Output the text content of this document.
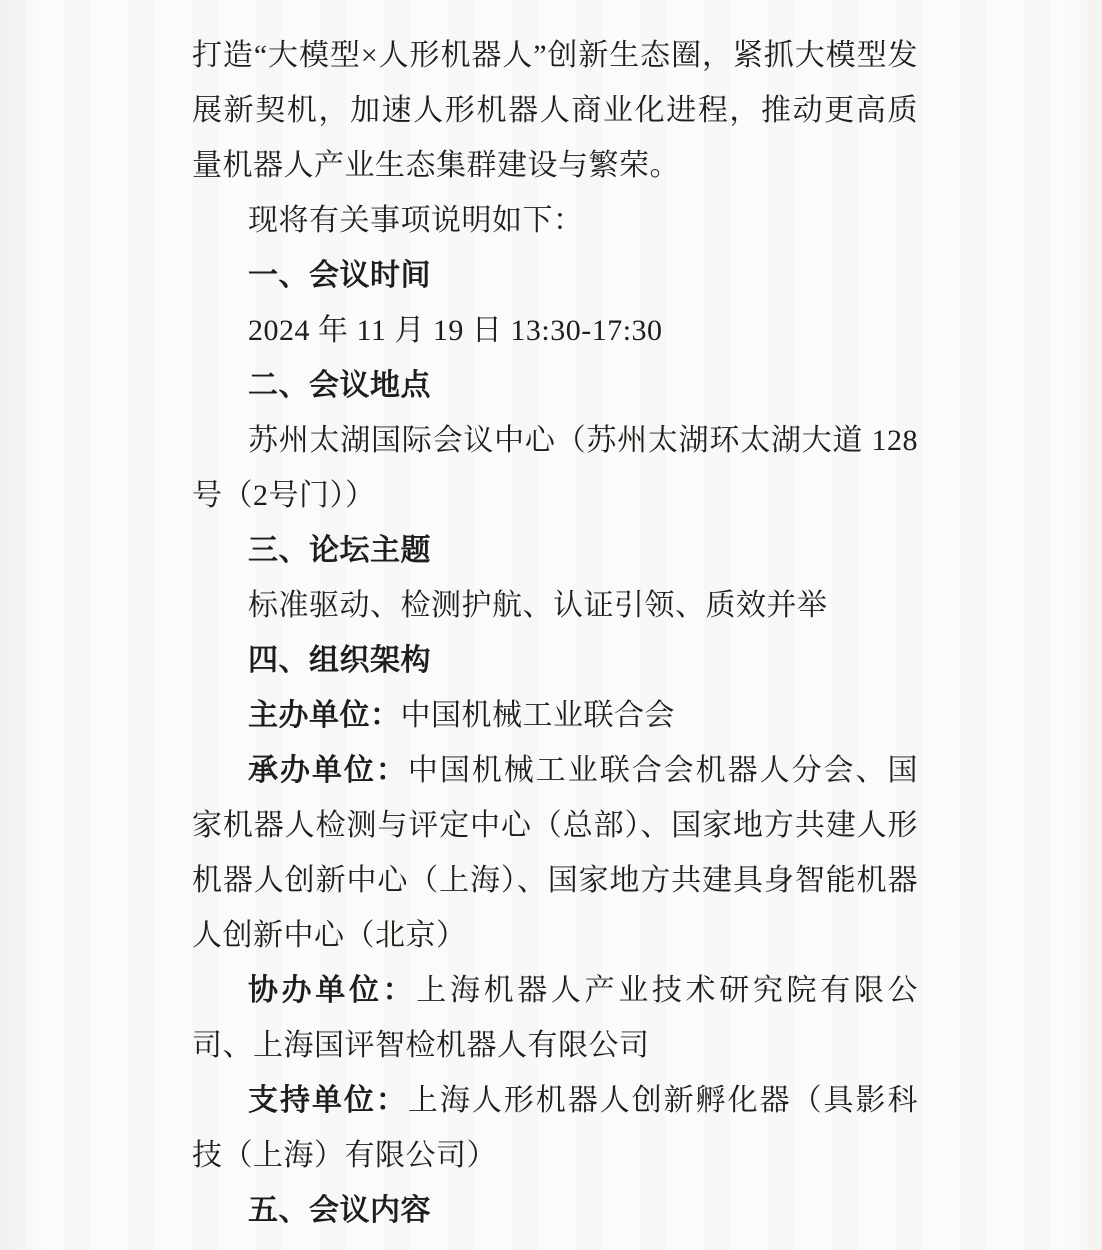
打造“大模型×人形机器人”创新生态圈，紧抓大模型发展新契机，加速人形机器人商业化进程，推动更高质量机器人产业生态集群建设与繁荣。

现将有关事项说明如下：

一、会议时间

2024 年 11 月 19 日 13:30-17:30

二、会议地点

苏州太湖国际会议中心（苏州太湖环太湖大道 128 号（2号门））

三、论坛主题

标准驱动、检测护航、认证引领、质效并举

四、组织架构

主办单位：中国机械工业联合会

承办单位：中国机械工业联合会机器人分会、国家机器人检测与评定中心（总部）、国家地方共建人形机器人创新中心（上海）、国家地方共建具身智能机器人创新中心（北京）

协办单位：上海机器人产业技术研究院有限公司、上海国评智检机器人有限公司

支持单位：上海人形机器人创新孵化器（具影科技（上海）有限公司）

五、会议内容
